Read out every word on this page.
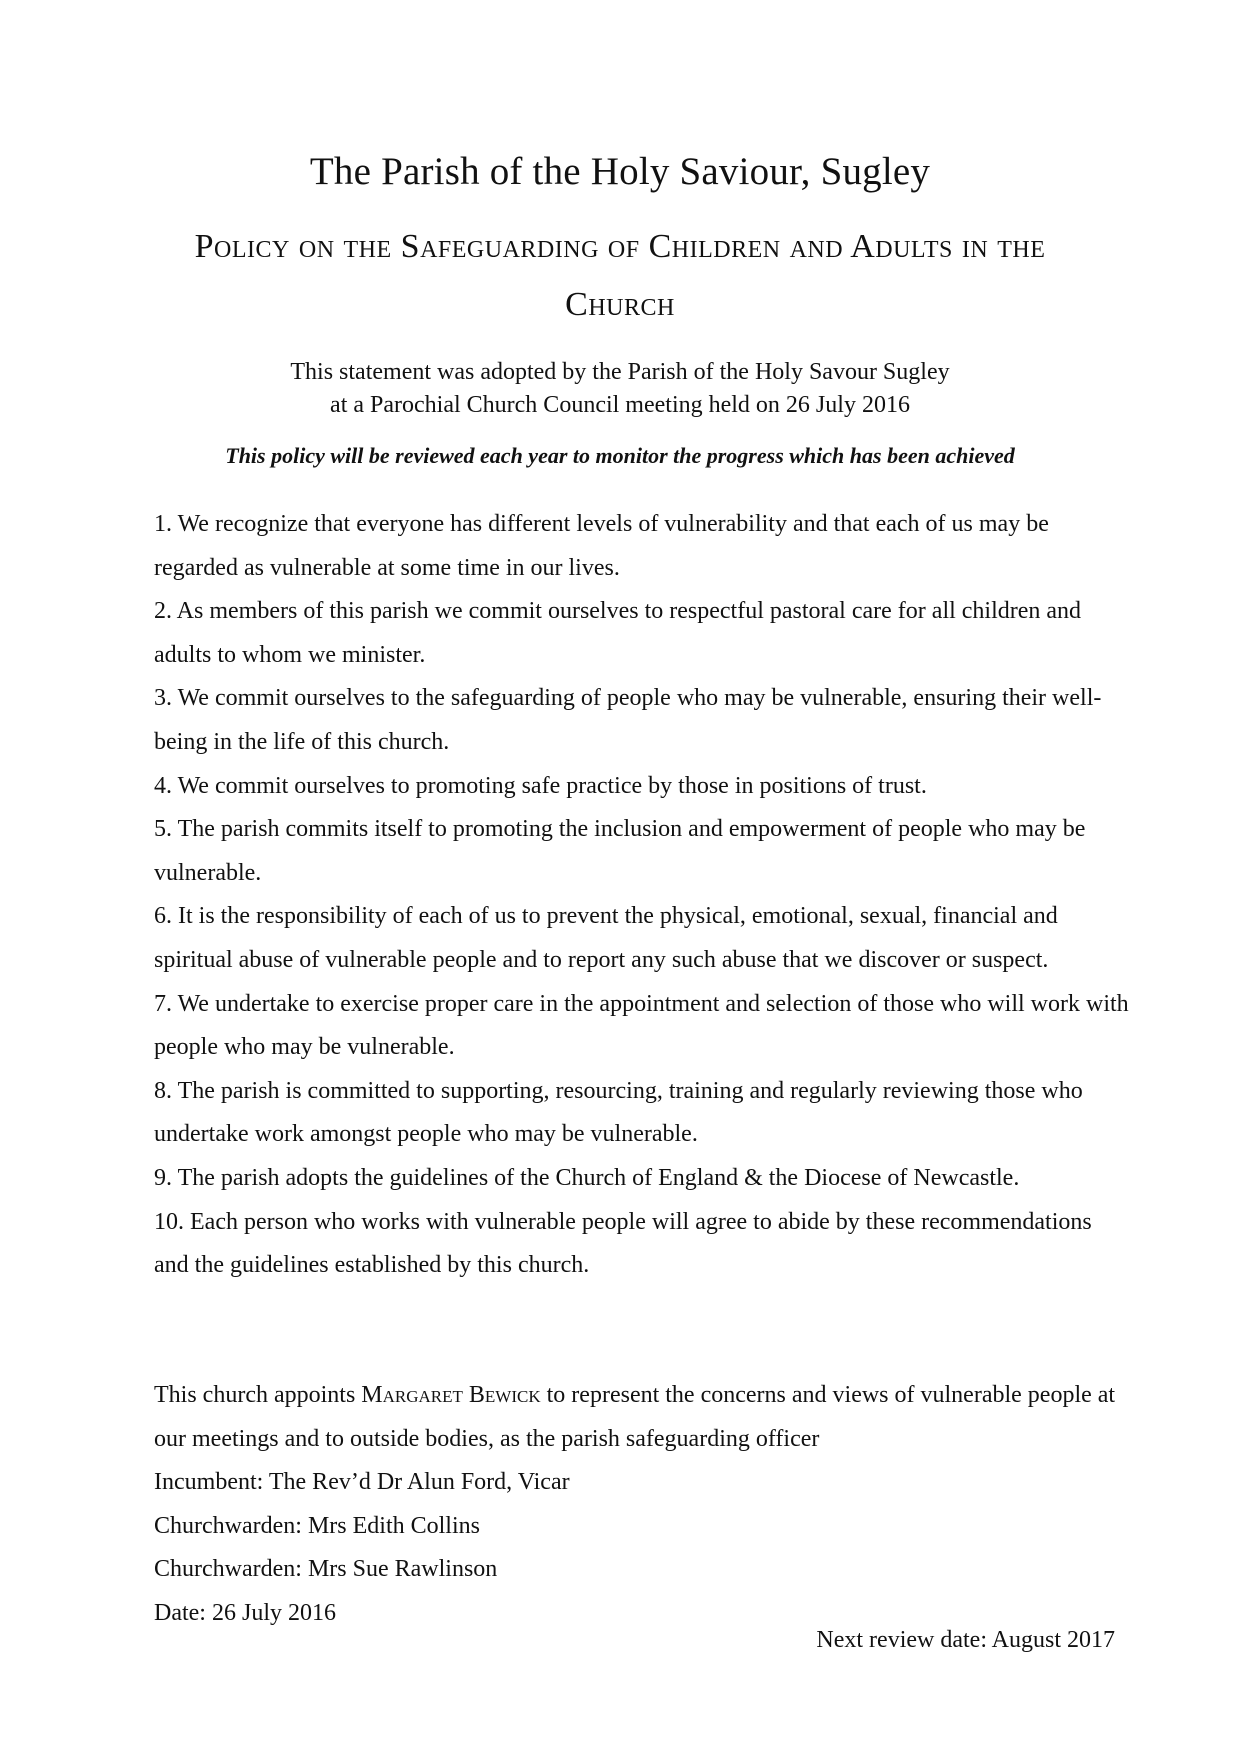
The Parish of the Holy Saviour, Sugley
Policy on the Safeguarding of Children and Adults in the Church
This statement was adopted by the Parish of the Holy Savour Sugley
at a Parochial Church Council meeting held on 26 July 2016
This policy will be reviewed each year to monitor the progress which has been achieved
1. We recognize that everyone has different levels of vulnerability and that each of us may be regarded as vulnerable at some time in our lives.
2. As members of this parish we commit ourselves to respectful pastoral care for all children and adults to whom we minister.
3. We commit ourselves to the safeguarding of people who may be vulnerable, ensuring their well-being in the life of this church.
4. We commit ourselves to promoting safe practice by those in positions of trust.
5. The parish commits itself to promoting the inclusion and empowerment of people who may be vulnerable.
6. It is the responsibility of each of us to prevent the physical, emotional, sexual, financial and spiritual abuse of vulnerable people and to report any such abuse that we discover or suspect.
7. We undertake to exercise proper care in the appointment and selection of those who will work with people who may be vulnerable.
8. The parish is committed to supporting, resourcing, training and regularly reviewing those who undertake work amongst people who may be vulnerable.
9. The parish adopts the guidelines of the Church of England & the Diocese of Newcastle.
10. Each person who works with vulnerable people will agree to abide by these recommendations and the guidelines established by this church.

This church appoints Margaret Bewick to represent the concerns and views of vulnerable people at our meetings and to outside bodies, as the parish safeguarding officer

Incumbent: The Rev’d Dr Alun Ford, Vicar

Churchwarden: Mrs Edith Collins

Churchwarden: Mrs Sue Rawlinson

Date: 26 July 2016

Next review date: August 2017
